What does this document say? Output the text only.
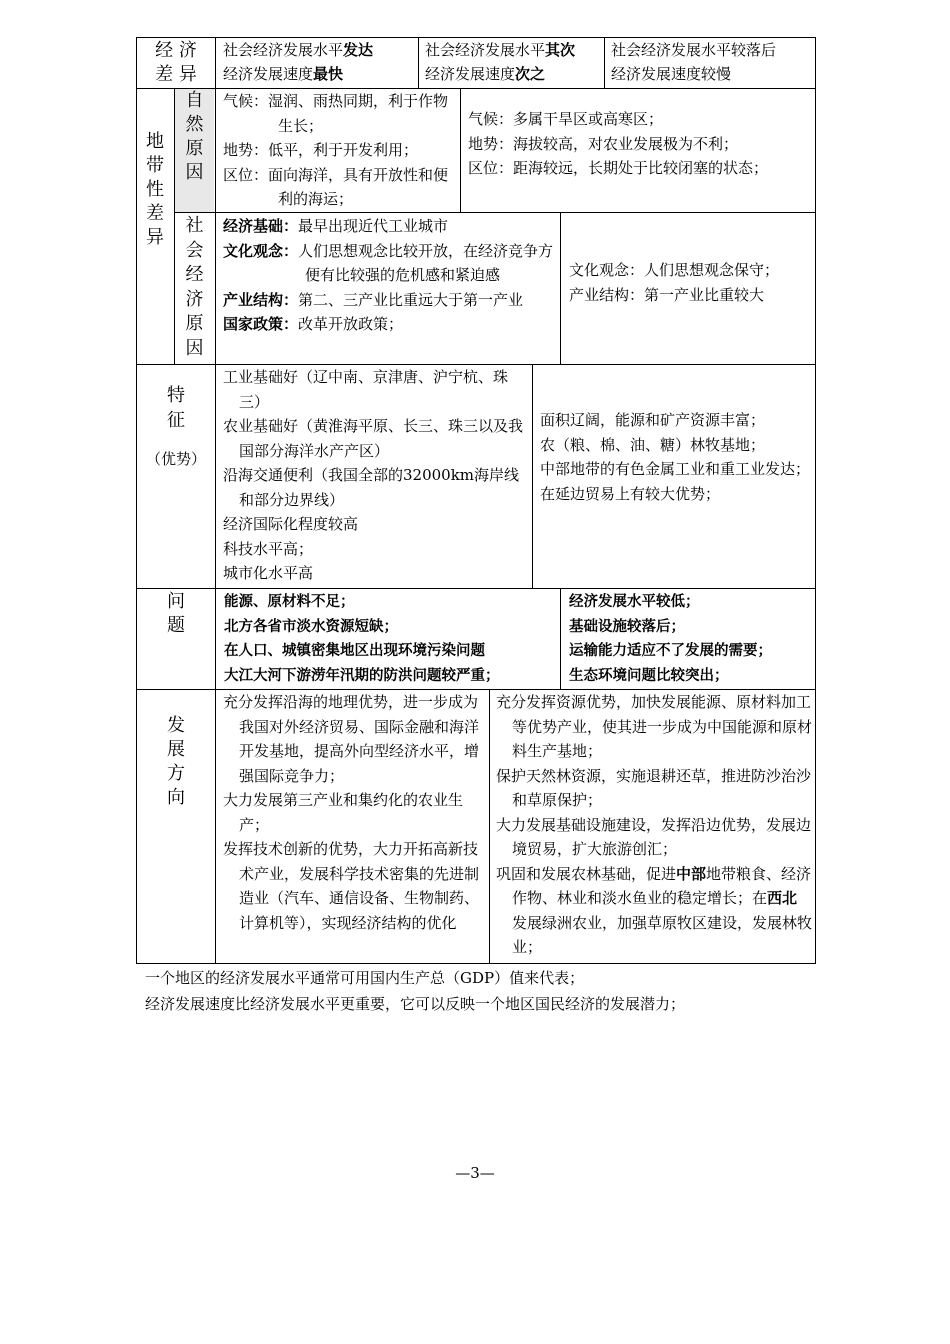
经 济
差 异
社会经济发展水平发达
经济发展速度最快
社会经济发展水平其次
经济发展速度次之
社会经济发展水平较落后
经济发展速度较慢
地
带
性
差
异
自
然
原
因
气候：湿润、雨热同期，利于作物生长；
地势：低平，利于开发利用；
区位：面向海洋，具有开放性和便利的海运；
气候：多属干旱区或高寒区；
地势：海拔较高，对农业发展极为不利；
区位：距海较远，长期处于比较闭塞的状态；
社
会
经
济
原
因
经济基础：最早出现近代工业城市
文化观念：人们思想观念比较开放，在经济竞争方便有比较强的危机感和紧迫感
产业结构：第二、三产业比重远大于第一产业
国家政策：改革开放政策；
文化观念：人们思想观念保守；
产业结构：第一产业比重较大
特
征
（优势）
工业基础好（辽中南、京津唐、沪宁杭、珠三）
农业基础好（黄淮海平原、长三、珠三以及我国部分海洋水产产区）
沿海交通便利（我国全部的32000km海岸线和部分边界线）
经济国际化程度较高
科技水平高；
城市化水平高
面积辽阔，能源和矿产资源丰富；
农（粮、棉、油、糖）林牧基地；
中部地带的有色金属工业和重工业发达；
在延边贸易上有较大优势；
问
题
能源、原材料不足；
北方各省市淡水资源短缺；
在人口、城镇密集地区出现环境污染问题
大江大河下游涝年汛期的防洪问题较严重；
经济发展水平较低；
基础设施较落后；
运输能力适应不了发展的需要；
生态环境问题比较突出；
发
展
方
向
充分发挥沿海的地理优势，进一步成为我国对外经济贸易、国际金融和海洋开发基地，提高外向型经济水平，增强国际竞争力；
大力发展第三产业和集约化的农业生产；
发挥技术创新的优势，大力开拓高新技术产业，发展科学技术密集的先进制造业（汽车、通信设备、生物制药、计算机等），实现经济结构的优化
充分发挥资源优势，加快发展能源、原材料加工等优势产业，使其进一步成为中国能源和原材料生产基地；
保护天然林资源，实施退耕还草，推进防沙治沙和草原保护；
大力发展基础设施建设，发挥沿边优势，发展边境贸易，扩大旅游创汇；
巩固和发展农林基础，促进中部地带粮食、经济作物、林业和淡水鱼业的稳定增长；在西北发展绿洲农业，加强草原牧区建设，发展林牧业；
一个地区的经济发展水平通常可用国内生产总（GDP）值来代表；
经济发展速度比经济发展水平更重要，它可以反映一个地区国民经济的发展潜力；
—3—
